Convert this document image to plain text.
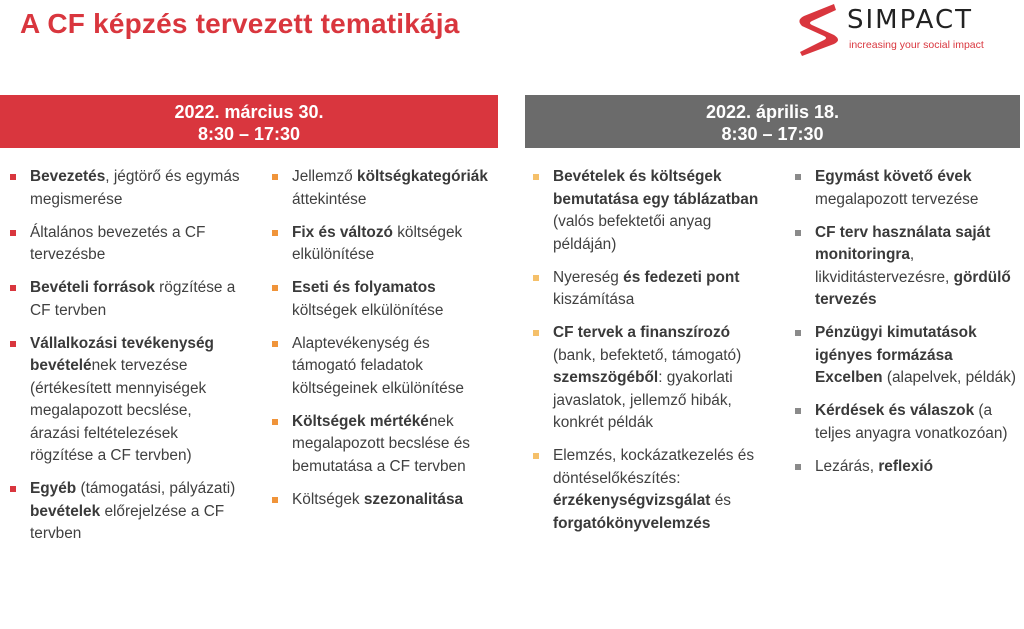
A CF képzés tervezett tematikája	SIMPACT
increasing your social impact
2022. március 30.
8:30 – 17:30
2022. április 18.
8:30 – 17:30
Bevezetés, jégtörő és egymás megismerése
Általános bevezetés a CF tervezésbe
Bevételi források rögzítése a CF tervben
Vállalkozási tevékenység bevételének tervezése (értékesített mennyiségek megalapozott becslése, árazási feltételezések rögzítése a CF tervben)
Egyéb (támogatási, pályázati) bevételek előrejelzése a CF tervben
Jellemző költségkategóriák áttekintése
Fix és változó költségek elkülönítése
Eseti és folyamatos költségek elkülönítése
Alaptevékenység és támogató feladatok költségeinek elkülönítése
Költségek mértékének megalapozott becslése és bemutatása a CF tervben
Költségek szezonalitása
Bevételek és költségek bemutatása egy táblázatban (valós befektetői anyag példáján)
Nyereség és fedezeti pont kiszámítása
CF tervek a finanszírozó (bank, befektető, támogató) szemszögéből: gyakorlati javaslatok, jellemző hibák, konkrét példák
Elemzés, kockázatkezelés és döntéselőkészítés: érzékenységvizsgálat és forgatókönyvelemzés
Egymást követő évek megalapozott tervezése
CF terv használata saját monitoringra, likviditástervezésre, gördülő tervezés
Pénzügyi kimutatások igényes formázása Excelben (alapelvek, példák)
Kérdések és válaszok (a teljes anyagra vonatkozóan)
Lezárás, reflexió
